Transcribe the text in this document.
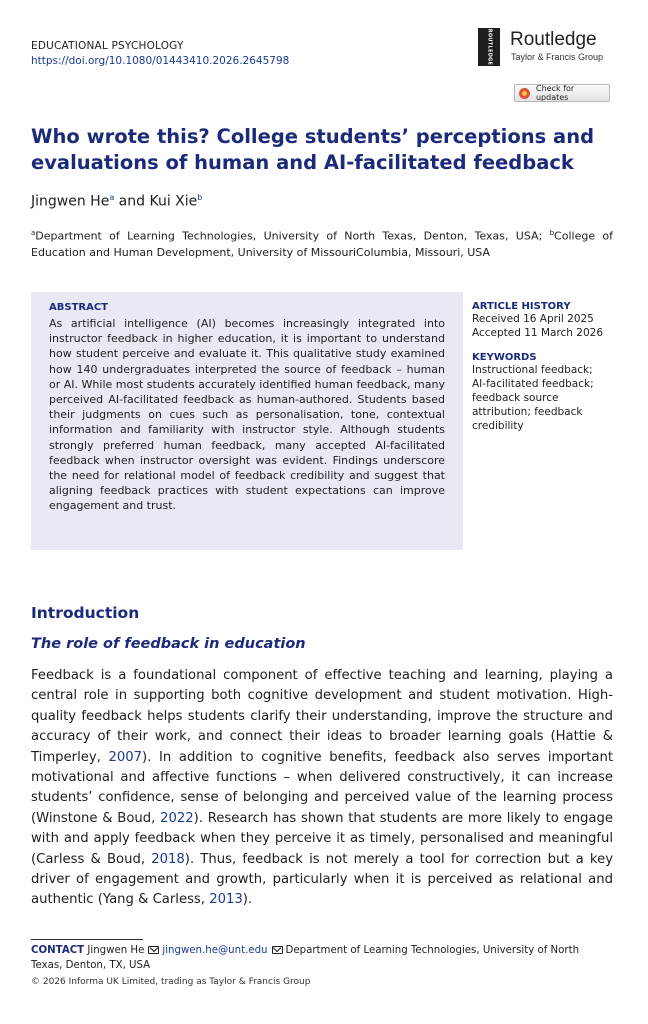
EDUCATIONAL PSYCHOLOGY
https://doi.org/10.1080/01443410.2026.2645798	ROUTLEDGE Routledge
Taylor & Francis Group
Check for updates
Who wrote this? College students’ perceptions and evaluations of human and AI-facilitated feedback
Jingwen He$^a$ and Kui Xie$^b$

$^a$Department of Learning Technologies, University of North Texas, Denton, Texas, USA; $^b$College of Education and Human Development, University of MissouriColumbia, Missouri, USA

ABSTRACT

As artificial intelligence (AI) becomes increasingly integrated into instructor feedback in higher education, it is important to understand how student perceive and evaluate it. This qualitative study examined how 140 undergraduates interpreted the source of feedback – human or AI. While most students accurately identified human feedback, many perceived AI-facilitated feedback as human-authored. Students based their judgments on cues such as personalisation, tone, contextual information and familiarity with instructor style. Although students strongly preferred human feedback, many accepted AI-facilitated feedback when instructor oversight was evident. Findings underscore the need for relational model of feedback credibility and suggest that aligning feedback practices with student expectations can improve engagement and trust.

ARTICLE HISTORY

Received 16 April 2025

Accepted 11 March 2026

KEYWORDS

Instructional feedback;

AI-facilitated feedback;

feedback source

attribution; feedback

credibility

Introduction
The role of feedback in education

Feedback is a foundational component of effective teaching and learning, playing a central role in supporting both cognitive development and student motivation. High-quality feedback helps students clarify their understanding, improve the structure and accuracy of their work, and connect their ideas to broader learning goals (Hattie & Timperley, 2007). In addition to cognitive benefits, feedback also serves important motivational and affective functions – when delivered constructively, it can increase students’ confidence, sense of belonging and perceived value of the learning process (Winstone & Boud, 2022). Research has shown that students are more likely to engage with and apply feedback when they perceive it as timely, personalised and meaningful (Carless & Boud, 2018). Thus, feedback is not merely a tool for correction but a key driver of engagement and growth, particularly when it is perceived as relational and authentic (Yang & Carless, 2013).

CONTACT Jingwen He jingwen.he@unt.edu Department of Learning Technologies, University of North Texas, Denton, TX, USA

© 2026 Informa UK Limited, trading as Taylor & Francis Group
